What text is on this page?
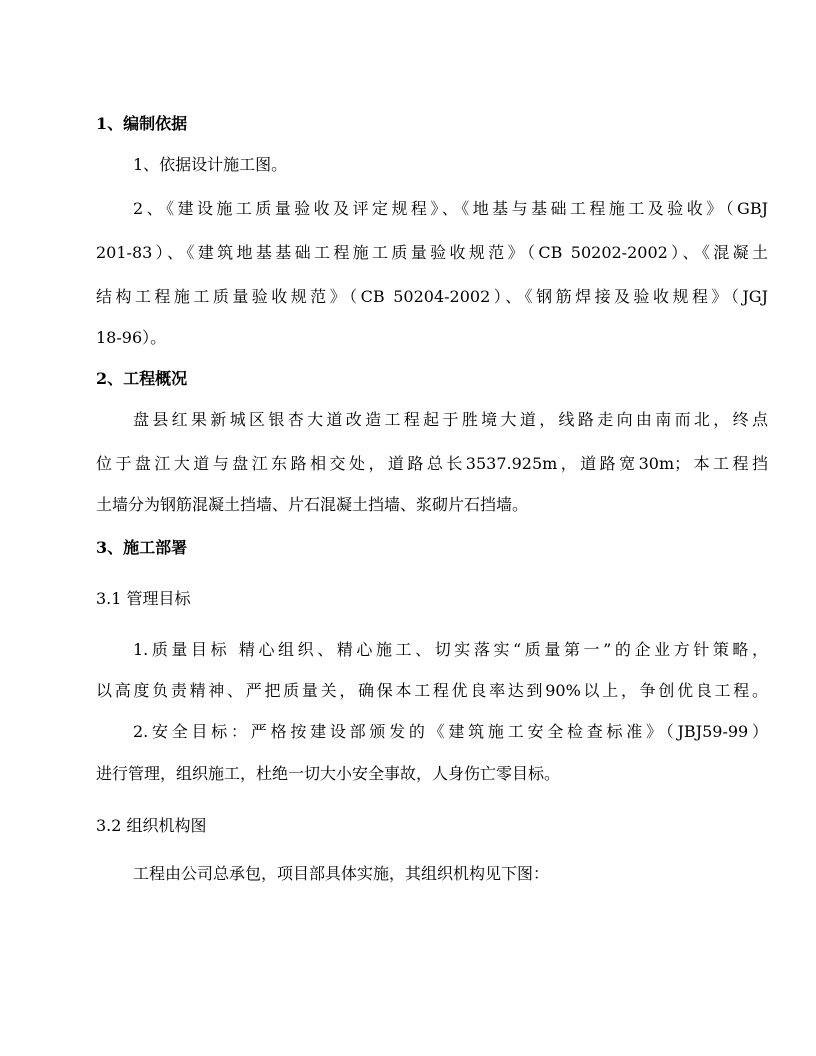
1、编制依据
1、依据设计施工图。
2、《建设施工质量验收及评定规程》、《地基与基础工程施工及验收》（GBJ
201-83）、《建筑地基基础工程施工质量验收规范》（CB 50202-2002）、《混凝土
结构工程施工质量验收规范》（CB 50204-2002）、《钢筋焊接及验收规程》（JGJ
18-96）。
2、工程概况
盘县红果新城区银杏大道改造工程起于胜境大道，线路走向由南而北，终点
位于盘江大道与盘江东路相交处，道路总长3537.925m，道路宽30m；本工程挡
土墙分为钢筋混凝土挡墙、片石混凝土挡墙、浆砌片石挡墙。
3、施工部署
3.1 管理目标
1.质量目标 精心组织、精心施工、切实落实“质量第一”的企业方针策略，
以高度负责精神、严把质量关，确保本工程优良率达到90%以上，争创优良工程。
2.安全目标：严格按建设部颁发的《建筑施工安全检查标准》（JBJ59-99）
进行管理，组织施工，杜绝一切大小安全事故，人身伤亡零目标。
3.2 组织机构图
工程由公司总承包，项目部具体实施，其组织机构见下图：
